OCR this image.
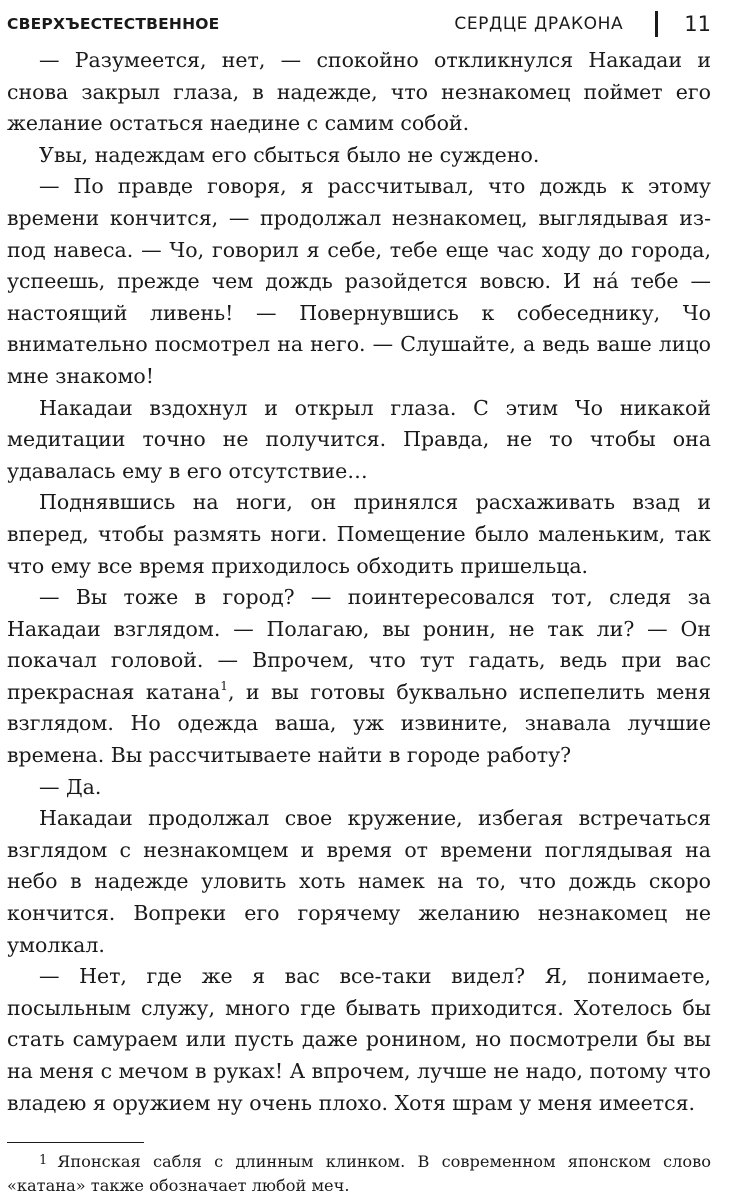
СВЕРХЪЕСТЕСТВЕННОЕ	СЕРДЦЕ ДРАКОНА	11

— Разумеется, нет, — спокойно откликнулся Накадаи и снова закрыл глаза, в надежде, что незнакомец поймет его желание остаться наедине с самим собой.

Увы, надеждам его сбыться было не суждено.

— По правде говоря, я рассчитывал, что дождь к этому времени кончится, — продолжал незнакомец, выглядывая из-под навеса. — Чо, говорил я себе, тебе еще час ходу до города, успеешь, прежде чем дождь разойдется вовсю. И на́ тебе — настоящий ливень! — Повернувшись к собеседнику, Чо внимательно посмотрел на него. — Слушайте, а ведь ваше лицо мне знакомо!

Накадаи вздохнул и открыл глаза. С этим Чо никакой медитации точно не получится. Правда, не то чтобы она удавалась ему в его отсутствие…

Поднявшись на ноги, он принялся расхаживать взад и вперед, чтобы размять ноги. Помещение было маленьким, так что ему все время приходилось обходить пришельца.

— Вы тоже в город? — поинтересовался тот, следя за Накадаи взглядом. — Полагаю, вы ронин, не так ли? — Он покачал головой. — Впрочем, что тут гадать, ведь при вас прекрасная катана$^1$, и вы готовы буквально испепелить меня взглядом. Но одежда ваша, уж извините, знавала лучшие времена. Вы рассчитываете найти в городе работу?

— Да.

Накадаи продолжал свое кружение, избегая встречаться взглядом с незнакомцем и время от времени поглядывая на небо в надежде уловить хоть намек на то, что дождь скоро кончится. Вопреки его горячему желанию незнакомец не умолкал.

— Нет, где же я вас все-таки видел? Я, понимаете, посыльным служу, много где бывать приходится. Хотелось бы стать самураем или пусть даже ронином, но посмотрели бы вы на меня с мечом в руках! А впрочем, лучше не надо, потому что владею я оружием ну очень плохо. Хотя шрам у меня имеется.

1 Японская сабля с длинным клинком. В современном японском слово «катана» также обозначает любой меч.
